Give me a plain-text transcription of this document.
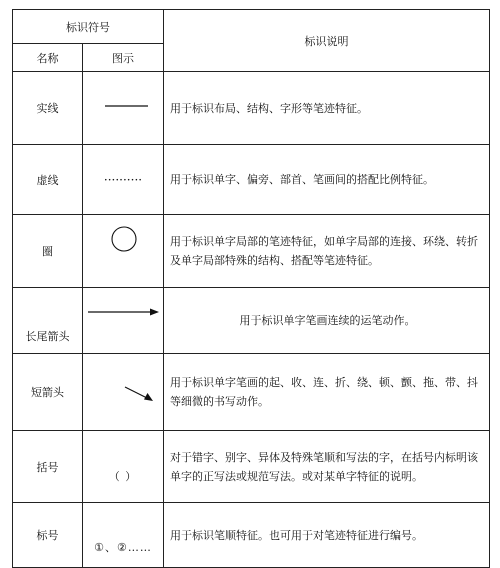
标识符号		标识说明
名称	图示	
实线		用于标识布局、结构、字形等笔迹特征。
虚线	··········	用于标识单字、偏旁、部首、笔画间的搭配比例特征。
圈		用于标识单字局部的笔迹特征，如单字局部的连接、环绕、转折及单字局部特殊的结构、搭配等笔迹特征。
长尾箭头		用于标识单字笔画连续的运笔动作。
短箭头		用于标识单字笔画的起、收、连、折、绕、顿、颤、拖、带、抖等细微的书写动作。
括号	（ ）	对于错字、别字、异体及特殊笔顺和写法的字，在括号内标明该单字的正写法或规范写法。或对某单字特征的说明。
标号	①、②……	用于标识笔顺特征。也可用于对笔迹特征进行编号。
